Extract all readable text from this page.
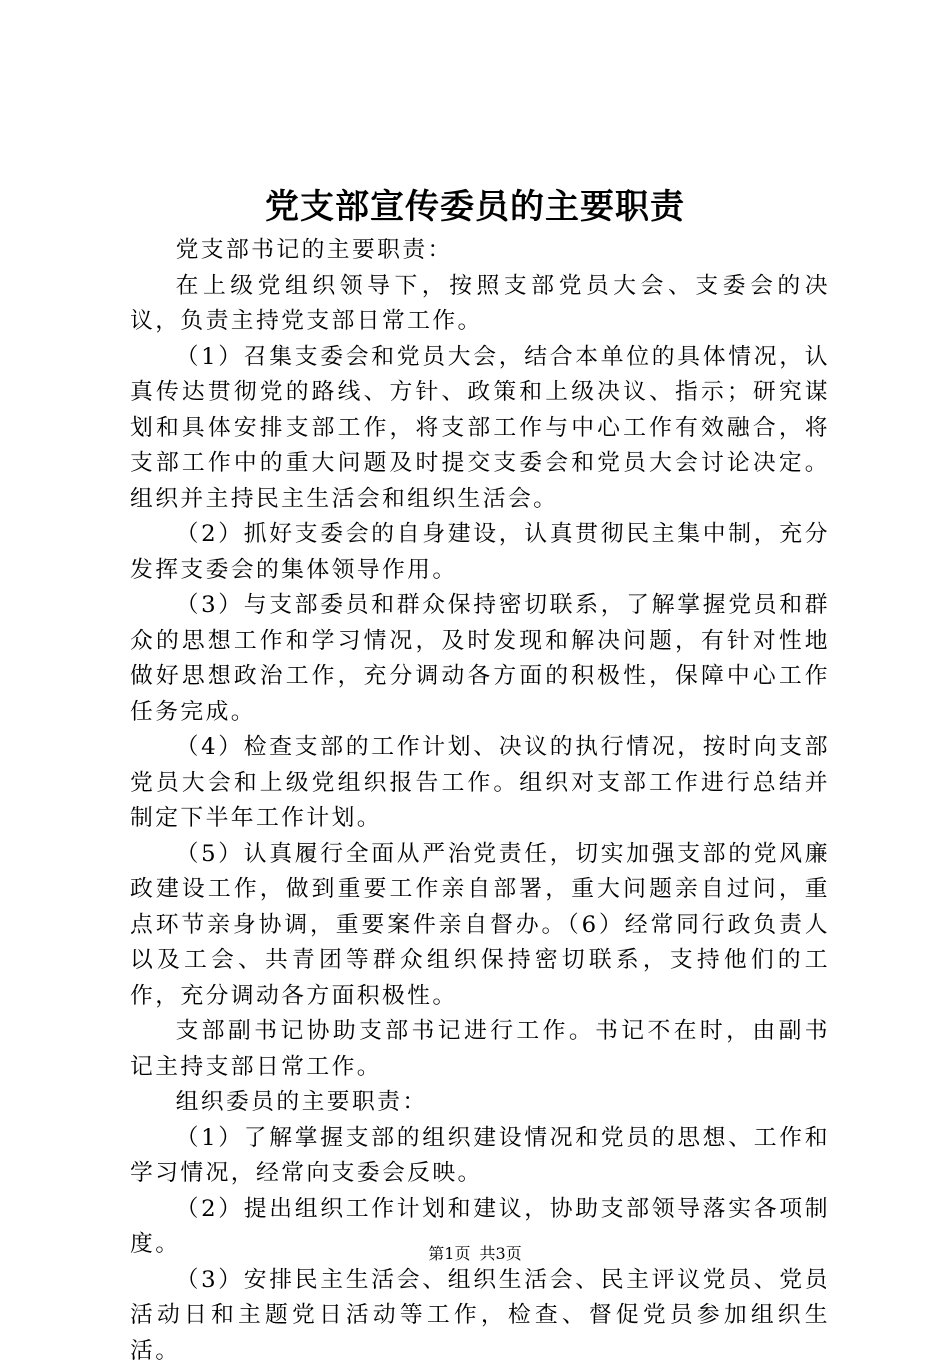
党支部宣传委员的主要职责

党支部书记的主要职责：

在上级党组织领导下，按照支部党员大会、支委会的决议，负责主持党支部日常工作。

（1）召集支委会和党员大会，结合本单位的具体情况，认真传达贯彻党的路线、方针、政策和上级决议、指示；研究谋划和具体安排支部工作，将支部工作与中心工作有效融合，将支部工作中的重大问题及时提交支委会和党员大会讨论决定。组织并主持民主生活会和组织生活会。

（2）抓好支委会的自身建设，认真贯彻民主集中制，充分发挥支委会的集体领导作用。

（3）与支部委员和群众保持密切联系，了解掌握党员和群众的思想工作和学习情况，及时发现和解决问题，有针对性地做好思想政治工作，充分调动各方面的积极性，保障中心工作任务完成。

（4）检查支部的工作计划、决议的执行情况，按时向支部党员大会和上级党组织报告工作。组织对支部工作进行总结并制定下半年工作计划。

（5）认真履行全面从严治党责任，切实加强支部的党风廉政建设工作，做到重要工作亲自部署，重大问题亲自过问，重点环节亲身协调，重要案件亲自督办。（6）经常同行政负责人以及工会、共青团等群众组织保持密切联系，支持他们的工作，充分调动各方面积极性。

支部副书记协助支部书记进行工作。书记不在时，由副书记主持支部日常工作。

组织委员的主要职责：

（1）了解掌握支部的组织建设情况和党员的思想、工作和学习情况，经常向支委会反映。

（2）提出组织工作计划和建议，协助支部领导落实各项制度。

（3）安排民主生活会、组织生活会、民主评议党员、党员活动日和主题党日活动等工作，检查、督促党员参加组织生活。

第1页 共3页
